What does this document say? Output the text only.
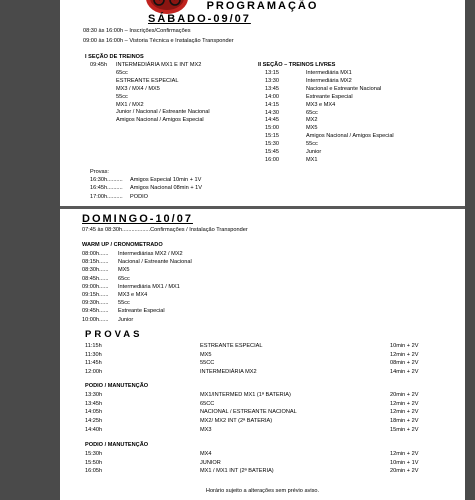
PROGRAMAÇÃO
SÁBADO-09/07
08:30 às 16:00h – Inscrições/Confirmações
09:00 às 16:00h – Vistoria Técnica e Instalação Transponder
I SEÇÃO DE TREINOS
09:45h INTERMEDIÁRIA MX1 E INT MX2
65cc
ESTREANTE ESPECIAL
MX3 / MX4 / MX5
55cc
MX1 / MX2
Junior / Nacional / Estreante Nacional
Amigos Nacional / Amigos Especial
II SEÇÃO – TREINOS LIVRES
13:15	Intermediária MX1
13:30	Intermediária MX2
13:45	Nacional e Estreante Nacional
14:00	Estreante Especial
14:15	MX3 e MX4
14:30	65cc
14:45	MX2
15:00	MX5
15:15	Amigos Nacional / Amigos Especial
15:30	55cc
15:45	Junior
16:00	MX1
Provas:
16:30h.......... Amigos Especial 10min + 1V
16:45h.......... Amigos Nacional 08min + 1V
17:00h.......... PODIO
DOMINGO-10/07
07:45 às 08:30h..................Confirmações / Instalação Transponder
WARM UP / CRONOMETRADO
08:00h...... Intermediárias MX2 / MX2
08:15h...... Nacional / Estreante Nacional
08:30h...... MX5
08:45h...... 65cc
09:00h...... Intermediária MX1 / MX1
09:15h...... MX3 e MX4
09:30h...... 55cc
09:45h...... Estreante Especial
10:00h...... Junior
PROVAS
11:15h	ESTREANTE ESPECIAL	10min + 2V
11:30h	MX5	12min + 2V
11:45h	55CC	08min + 2V
12:00h	INTERMEDIÁRIA MX2	14min + 2V
PODIO / MANUTENÇÃO
13:30h	MX1/INTERMED MX1 (1ª BATERIA)	20min + 2V
13:45h	65CC	12min + 2V
14:05h	NACIONAL / ESTREANTE NACIONAL	12min + 2V
14:25h	MX2/ MX2 INT (2ª BATERIA)	18min + 2V
14:40h	MX3	15min + 2V
PODIO / MANUTENÇÃO
15:30h	MX4	12min + 2V
15:50h	JUNIOR	10min + 1V
16:05h	MX1 / MX1 INT (2ª BATERIA)	20min + 2V
Horário sujeito a alterações sem prévio aviso.
